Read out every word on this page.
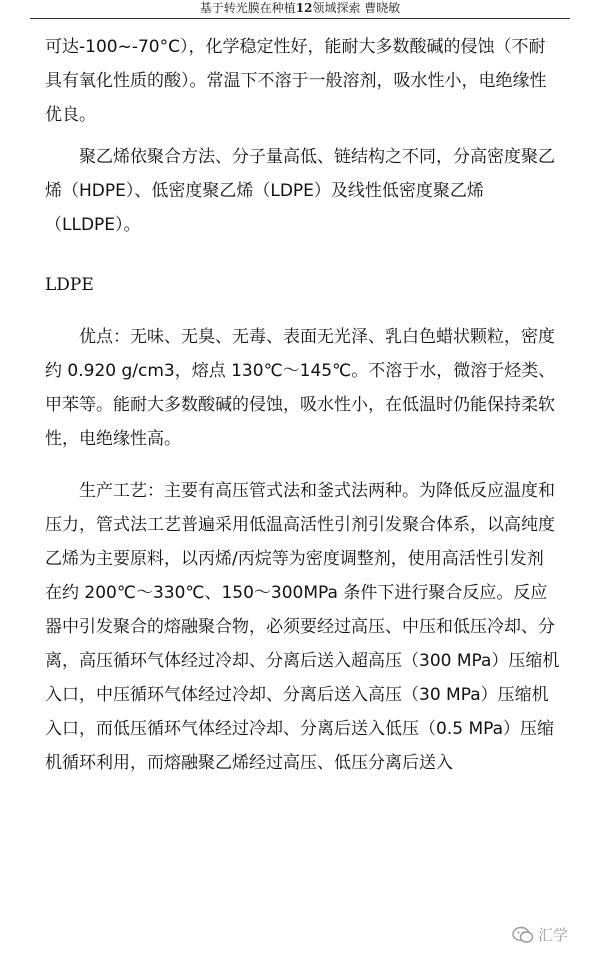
基于转光膜在种植12领域探索 曹晓敏

可达-100~-70°C），化学稳定性好，能耐大多数酸碱的侵蚀（不耐具有氧化性质的酸）。常温下不溶于一般溶剂，吸水性小，电绝缘性优良。

聚乙烯依聚合方法、分子量高低、链结构之不同，分高密度聚乙烯（HDPE）、低密度聚乙烯（LDPE）及线性低密度聚乙烯（LLDPE）。

LDPE

优点：无味、无臭、无毒、表面无光泽、乳白色蜡状颗粒，密度约 0.920 g/cm3，熔点 130℃～145℃。不溶于水，微溶于烃类、甲苯等。能耐大多数酸碱的侵蚀，吸水性小，在低温时仍能保持柔软性，电绝缘性高。

生产工艺：主要有高压管式法和釜式法两种。为降低反应温度和压力，管式法工艺普遍采用低温高活性引剂引发聚合体系，以高纯度乙烯为主要原料，以丙烯/丙烷等为密度调整剂，使用高活性引发剂在约 200℃～330℃、150～300MPa 条件下进行聚合反应。反应器中引发聚合的熔融聚合物，必须要经过高压、中压和低压冷却、分离，高压循环气体经过冷却、分离后送入超高压（300 MPa）压缩机入口，中压循环气体经过冷却、分离后送入高压（30 MPa）压缩机入口，而低压循环气体经过冷却、分离后送入低压（0.5 MPa）压缩机循环利用，而熔融聚乙烯经过高压、低压分离后送入

汇学
